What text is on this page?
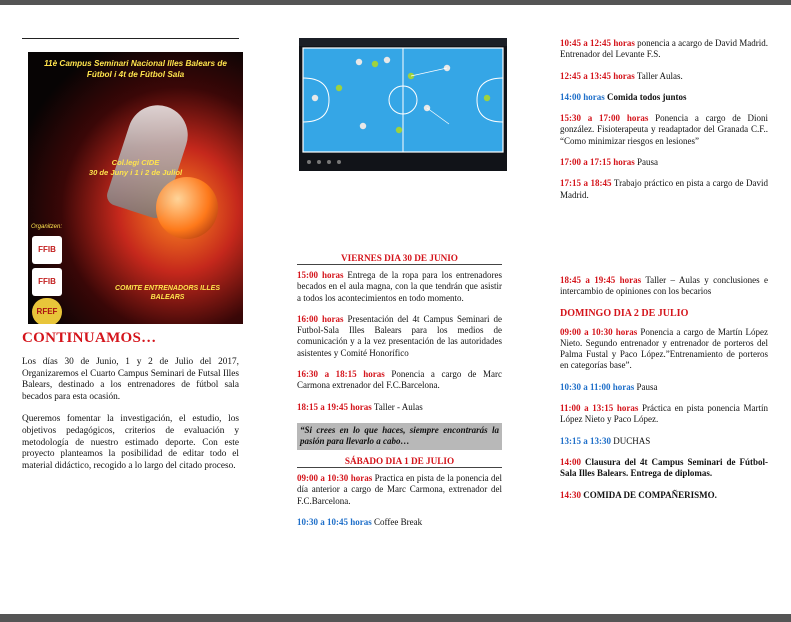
11è Campus Seminari Nacional Illes Balears de Fútbol i 4t de Fútbol Sala
Col.legi CIDE
30 de Juny i 1 i 2 de Juliol
Organitzen:
FFIB
FFIB
RFEF
COMITE ENTRENADORS ILLES BALEARS
CONTINUAMOS…

Los días 30 de Junio, 1 y 2 de Julio del 2017, Organizaremos el Cuarto Campus Seminari de Futsal Illes Balears, destinado a los entrenadores de fútbol sala becados para esta ocasión.

Queremos fomentar la investigación, el estudio, los objetivos pedagógicos, criterios de evaluación y metodología de nuestro estimado deporte. Con este proyecto planteamos la posibilidad de editar todo el material didáctico, recogido a lo largo del citado proceso.

VIERNES DIA 30 DE JUNIO

15:00 horas Entrega de la ropa para los entrenadores becados en el aula magna, con la que tendrán que asistir a todos los acontecimientos en todo momento.

16:00 horas Presentación del 4t Campus Seminari de Futbol-Sala Illes Balears para los medios de comunicación y a la vez presentación de las autoridades asistentes y Comité Honorífico

16:30 a 18:15 horas Ponencia a cargo de Marc Carmona extrenador del F.C.Barcelona.

18:15 a 19:45 horas Taller - Aulas

“Si crees en lo que haces, siempre encontrarás la pasión para llevarlo a cabo…
SÁBADO DIA 1 DE JULIO

09:00 a 10:30 horas Practica en pista de la ponencia del día anterior a cargo de Marc Carmona, extrenador del F.C.Barcelona.

10:30 a 10:45 horas Coffee Break

10:45 a 12:45 horas ponencia a acargo de David Madrid. Entrenador del Levante F.S.

12:45 a 13:45 horas Taller Aulas.

14:00 horas Comida todos juntos

15:30 a 17:00 horas Ponencia a cargo de Dioni gonzález. Fisioterapeuta y readaptador del Granada C.F.. “Como minimizar riesgos en lesiones”

17:00 a 17:15 horas Pausa

17:15 a 18:45 Trabajo práctico en pista a cargo de David Madrid.

18:45 a 19:45 horas Taller – Aulas y conclusiones e intercambio de opiniones con los becarios

DOMINGO DIA 2 DE JULIO

09:00 a 10:30 horas Ponencia a cargo de Martín López Nieto. Segundo entrenador y entrenador de porteros del Palma Fustal y Paco López.”Entrenamiento de porteros en categorías base”.

10:30 a 11:00 horas Pausa

11:00 a 13:15 horas Práctica en pista ponencia Martín López Nieto y Paco López.

13:15 a 13:30 DUCHAS

14:00 Clausura del 4t Campus Seminari de Fútbol-Sala Illes Balears. Entrega de diplomas.

14:30 COMIDA DE COMPAÑERISMO.
